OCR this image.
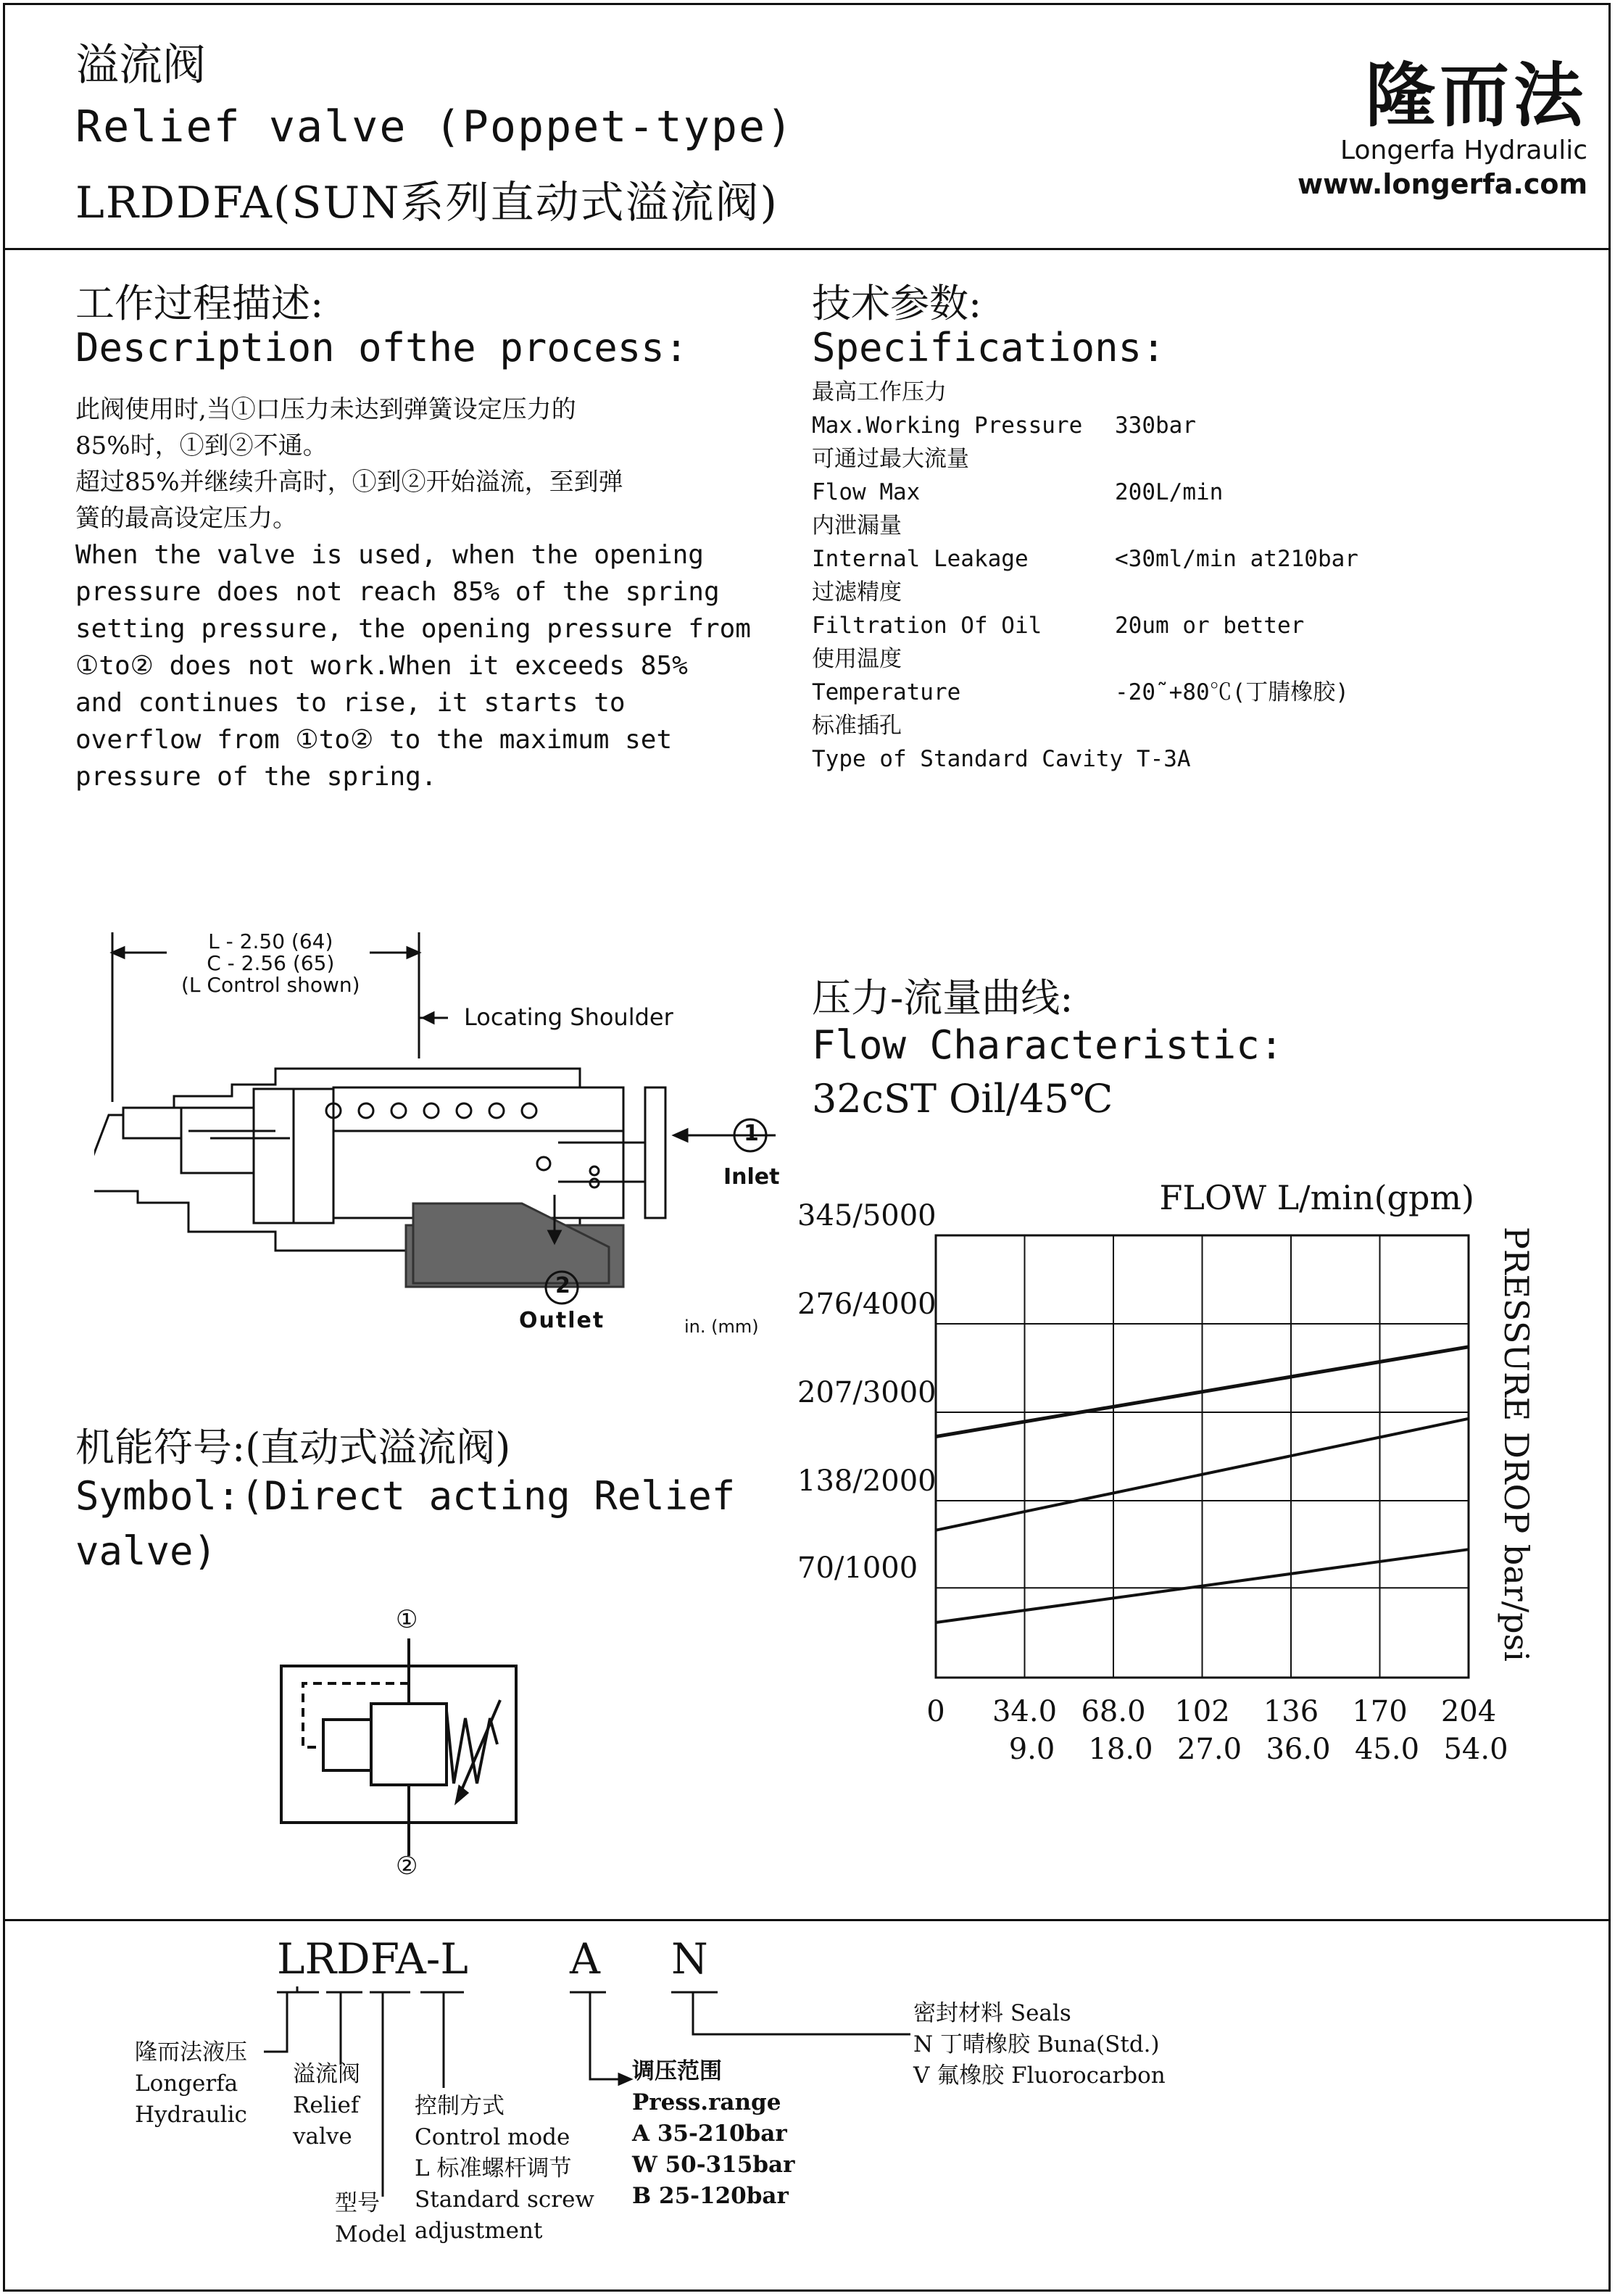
溢流阀
Relief valve (Poppet-type)
LRDDFA(SUN系列直动式溢流阀)
隆而法
Longerfa Hydraulic
www.longerfa.com
工作过程描述:
Description ofthe process:
此阀使用时,当①口压力未达到弹簧设定压力的
85%时，①到②不通。
超过85%并继续升高时，①到②开始溢流，至到弹
簧的最高设定压力。
When the valve is used, when the opening
pressure does not reach 85% of the spring
setting pressure, the opening pressure from
①to② does not work.When it exceeds 85%
and continues to rise, it starts to
overflow from ①to② to the maximum set
pressure of the spring.
技术参数:
Specifications:
最高工作压力
Max.Working Pressure	330bar
可通过最大流量
Flow Max	200L/min
内泄漏量
Internal Leakage	<30ml/min at210bar
过滤精度
Filtration Of Oil	20um or better
使用温度
Temperature	-20˜+80℃(丁腈橡胶)
标准插孔
Type of Standard Cavity T-3A
L - 2.50 (64)
C - 2.56 (65)
(L Control shown)
Locating Shoulder
1
Inlet
2
Outlet	in. (mm)
机能符号:(直动式溢流阀)
Symbol:(Direct acting Relief
valve)
①
②
压力-流量曲线:
Flow Characteristic:
32cST Oil/45℃
345/5000
276/4000
207/3000
138/2000
70/1000
0 34.0
9.0
68.0
18.0
102
27.0
136
36.0
170
45.0
204
54.0
FLOW L/min(gpm)
PRESSURE DROP bar/psi
LRDFA-L A N
隆而法液压
Longerfa
Hydraulic
溢流阀
Relief
valve
型号
Model
控制方式
Control mode
L 标准螺杆调节
Standard screw
adjustment
调压范围
Press.range
A 35-210bar
W 50-315bar
B 25-120bar
密封材料 Seals
N 丁晴橡胶 Buna(Std.)
V 氟橡胶 Fluorocarbon
